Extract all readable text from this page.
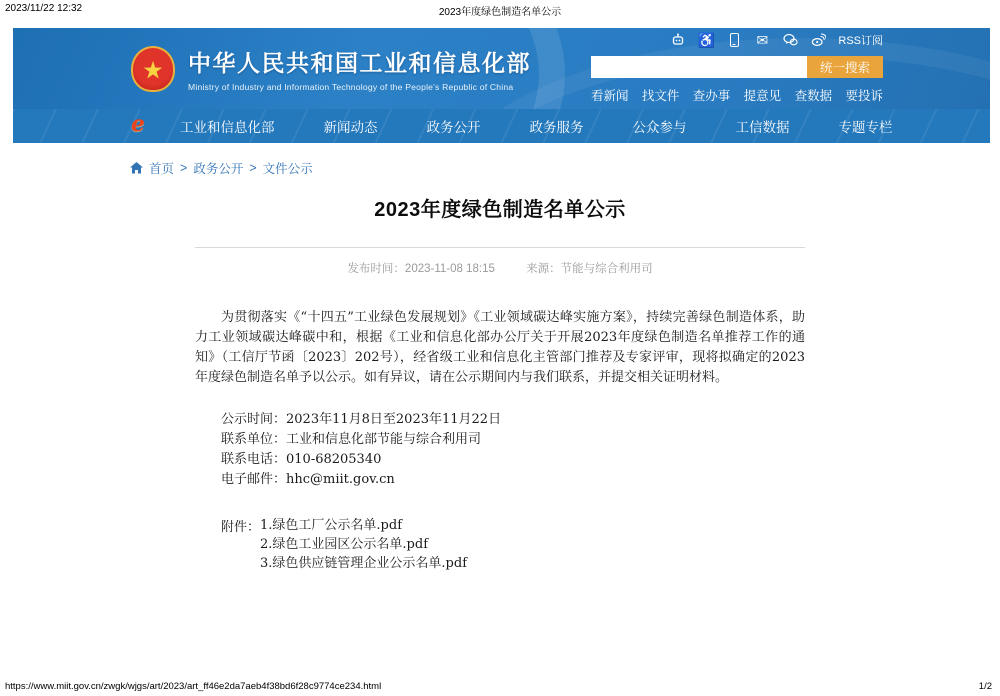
2023/11/22 12:32	2023年度绿色制造名单公示
★	中华人民共和国工业和信息化部
Ministry of Industry and Information Technology of the People's Republic of China
♿	✉	RSS订阅
统一搜索
看新闻 找文件 查办事 提意见 查数据 要投诉
e	工业和信息化部	新闻动态	政务公开	政务服务	公众参与	工信数据	专题专栏
首页 > 政务公开 > 文件公示
2023年度绿色制造名单公示
发布时间：2023-11-08 18:15	来源：节能与综合利用司

为贯彻落实《“十四五”工业绿色发展规划》《工业领域碳达峰实施方案》，持续完善绿色制造体系，助力工业领域碳达峰碳中和，根据《工业和信息化部办公厅关于开展2023年度绿色制造名单推荐工作的通知》（工信厅节函〔2023〕202号），经省级工业和信息化主管部门推荐及专家评审，现将拟确定的2023年度绿色制造名单予以公示。如有异议，请在公示期间内与我们联系，并提交相关证明材料。

公示时间：2023年11月8日至2023年11月22日
联系单位：工业和信息化部节能与综合利用司
联系电话：010-68205340
电子邮件：hhc@miit.gov.cn
附件： 1.绿色工厂公示名单.pdf
2.绿色工业园区公示名单.pdf
3.绿色供应链管理企业公示名单.pdf
https://www.miit.gov.cn/zwgk/wjgs/art/2023/art_ff46e2da7aeb4f38bd6f28c9774ce234.html	1/2
